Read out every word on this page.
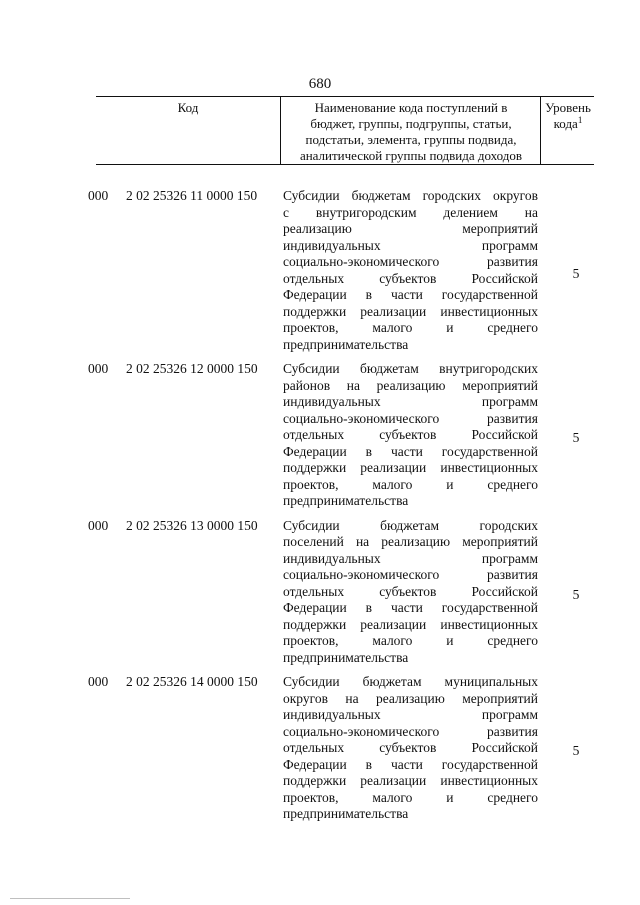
680
Код	Наименование кода поступлений в
бюджет, группы, подгруппы, статьи,
подстатьи, элемента, группы подвида,
аналитической группы подвида доходов
Уровень
кода$^1$
000 2 02 25326 11 0000 150 Субсидии бюджетам городских округов
с внутригородским делением на
реализацию мероприятий
индивидуальных программ
социально-экономического развития
отдельных субъектов Российской
Федерации в части государственной
поддержки реализации инвестиционных
проектов, малого и среднего
предпринимательства
5
000 2 02 25326 12 0000 150 Субсидии бюджетам внутригородских
районов на реализацию мероприятий
индивидуальных программ
социально-экономического развития
отдельных субъектов Российской
Федерации в части государственной
поддержки реализации инвестиционных
проектов, малого и среднего
предпринимательства
5
000 2 02 25326 13 0000 150 Субсидии бюджетам городских
поселений на реализацию мероприятий
индивидуальных программ
социально-экономического развития
отдельных субъектов Российской
Федерации в части государственной
поддержки реализации инвестиционных
проектов, малого и среднего
предпринимательства
5
000 2 02 25326 14 0000 150 Субсидии бюджетам муниципальных
округов на реализацию мероприятий
индивидуальных программ
социально-экономического развития
отдельных субъектов Российской
Федерации в части государственной
поддержки реализации инвестиционных
проектов, малого и среднего
предпринимательства
5
